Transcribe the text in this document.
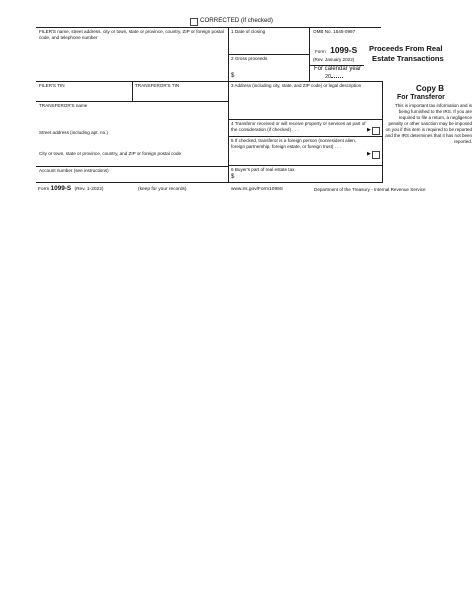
CORRECTED (if checked)
FILER'S name, street address, city or town, state or province, country, ZIP or foreign postal code, and telephone number
1 Date of closing
2 Gross proceeds
$
OMB No. 1545-0997
Form 1099-S
(Rev. January 2022)
For calendar year
20
Proceeds From Real
Estate Transactions
FILER'S TIN	TRANSFEROR'S TIN
TRANSFEROR'S name
Street address (including apt. no.)
City or town, state or province, country, and ZIP or foreign postal code
Account number (see instructions)
3 Address (including city, state, and ZIP code) or legal description
4 Transferor received or will receive property or services as part of the consideration (if checked) . . .	▶
5 If checked, transferor is a foreign person (nonresident alien, foreign partnership, foreign estate, or foreign trust) . . .
▶
6 Buyer's part of real estate tax
$
Copy B
For Transferor
This is important tax information and is being furnished to the IRS. If you are required to file a return, a negligence penalty or other sanction may be imposed on you if this item is required to be reported and the IRS determines that it has not been reported.
Form 1099-S (Rev. 1-2022)	(keep for your records)	www.irs.gov/Form1099S	Department of the Treasury - Internal Revenue Service
